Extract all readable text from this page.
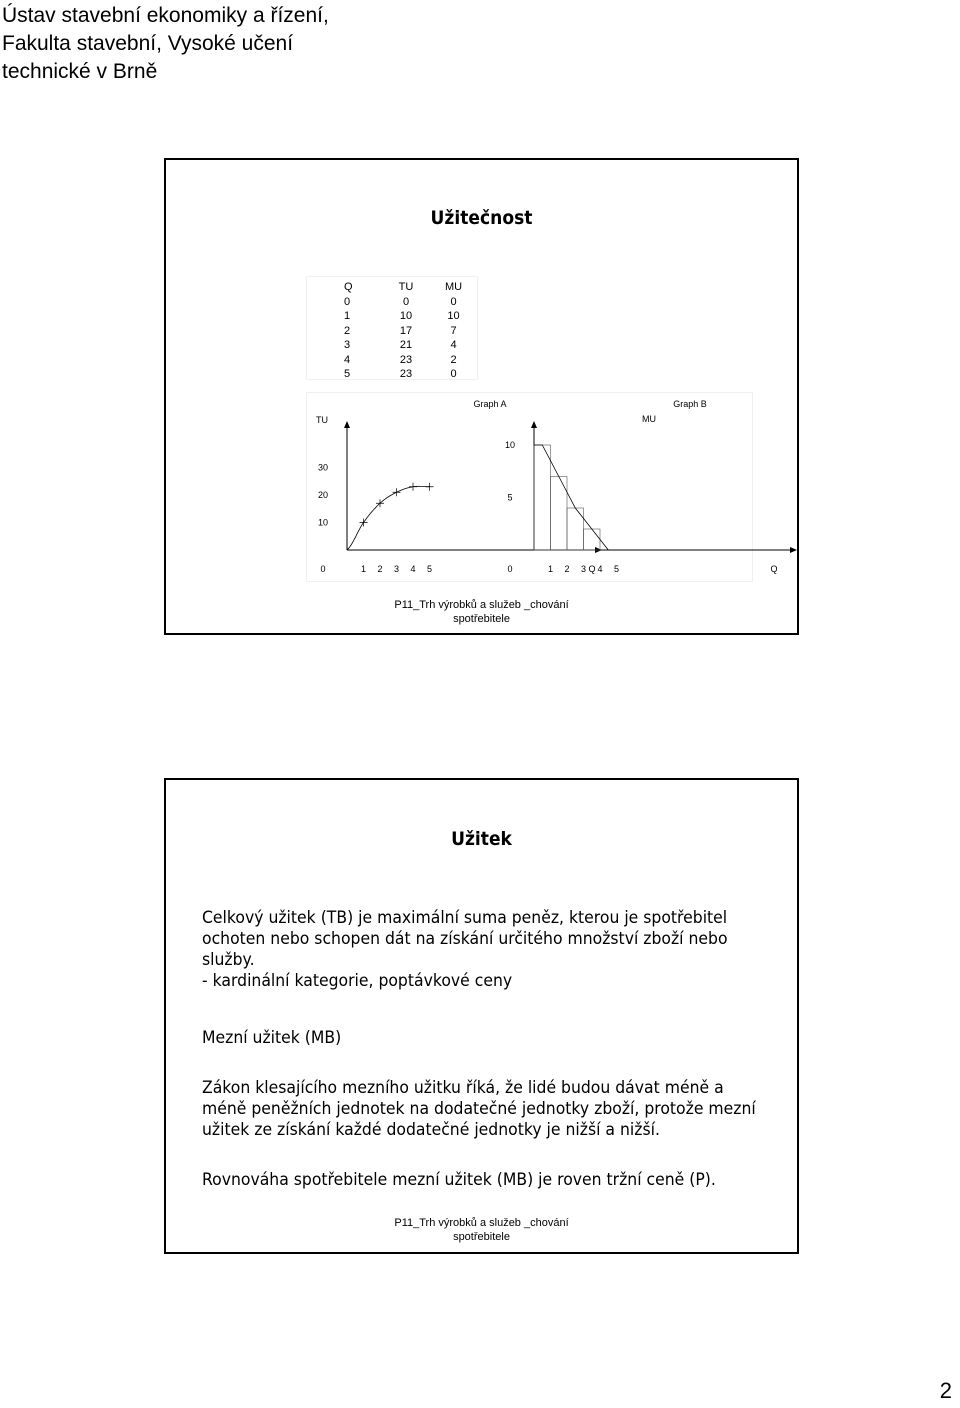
Ústav stavební ekonomiky a řízení,
Fakulta stavební, Vysoké učení
technické v Brně
Užitečnost
Q	TU	MU
0	0	0
1	10	10
2	17	7
3	21	4
4	23	2
5	23	0
Graph A
TU
Q
Graph B
MU
Q
30
20
10
0	1 2 3 4 5
10
5
0	1 2 3 4 5
P11_Trh výrobků a služeb _chování
spotřebitele
Užitek
Celkový užitek (TB) je maximální suma peněz, kterou je spotřebitel
ochoten nebo schopen dát na získání určitého množství zboží nebo
služby.
- kardinální kategorie, poptávkové ceny
Mezní užitek (MB)
Zákon klesajícího mezního užitku říká, že lidé budou dávat méně a
méně peněžních jednotek na dodatečné jednotky zboží, protože mezní
užitek ze získání každé dodatečné jednotky je nižší a nižší.
Rovnováha spotřebitele mezní užitek (MB) je roven tržní ceně (P).
P11_Trh výrobků a služeb _chování
spotřebitele
2
